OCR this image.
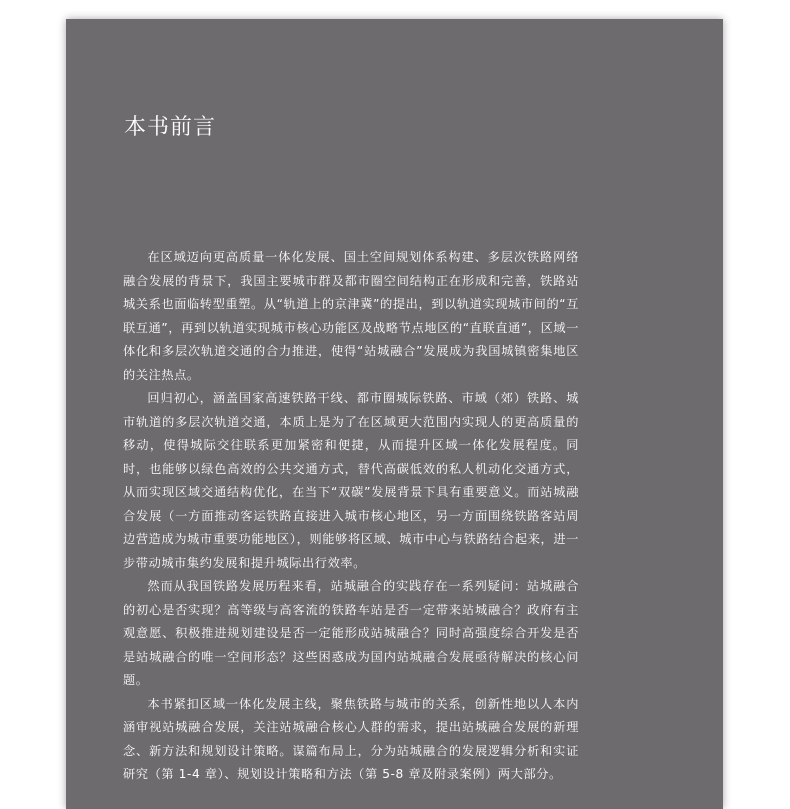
本书前言

在区域迈向更高质量一体化发展、国土空间规划体系构建、多层次铁路网络融合发展的背景下，我国主要城市群及都市圈空间结构正在形成和完善，铁路站城关系也面临转型重塑。从“轨道上的京津冀”的提出，到以轨道实现城市间的“互联互通”，再到以轨道实现城市核心功能区及战略节点地区的“直联直通”，区域一体化和多层次轨道交通的合力推进，使得“站城融合”发展成为我国城镇密集地区的关注热点。

回归初心，涵盖国家高速铁路干线、都市圈城际铁路、市域（郊）铁路、城市轨道的多层次轨道交通，本质上是为了在区域更大范围内实现人的更高质量的移动，使得城际交往联系更加紧密和便捷，从而提升区域一体化发展程度。同时，也能够以绿色高效的公共交通方式，替代高碳低效的私人机动化交通方式，从而实现区域交通结构优化，在当下“双碳”发展背景下具有重要意义。而站城融合发展（一方面推动客运铁路直接进入城市核心地区，另一方面围绕铁路客站周边营造成为城市重要功能地区），则能够将区域、城市中心与铁路结合起来，进一步带动城市集约发展和提升城际出行效率。

然而从我国铁路发展历程来看，站城融合的实践存在一系列疑问：站城融合的初心是否实现？高等级与高客流的铁路车站是否一定带来站城融合？政府有主观意愿、积极推进规划建设是否一定能形成站城融合？同时高强度综合开发是否是站城融合的唯一空间形态？这些困惑成为国内站城融合发展亟待解决的核心问题。

本书紧扣区域一体化发展主线，聚焦铁路与城市的关系，创新性地以人本内涵审视站城融合发展，关注站城融合核心人群的需求，提出站城融合发展的新理念、新方法和规划设计策略。谋篇布局上，分为站城融合的发展逻辑分析和实证研究（第 1-4 章）、规划设计策略和方法（第 5-8 章及附录案例）两大部分。
